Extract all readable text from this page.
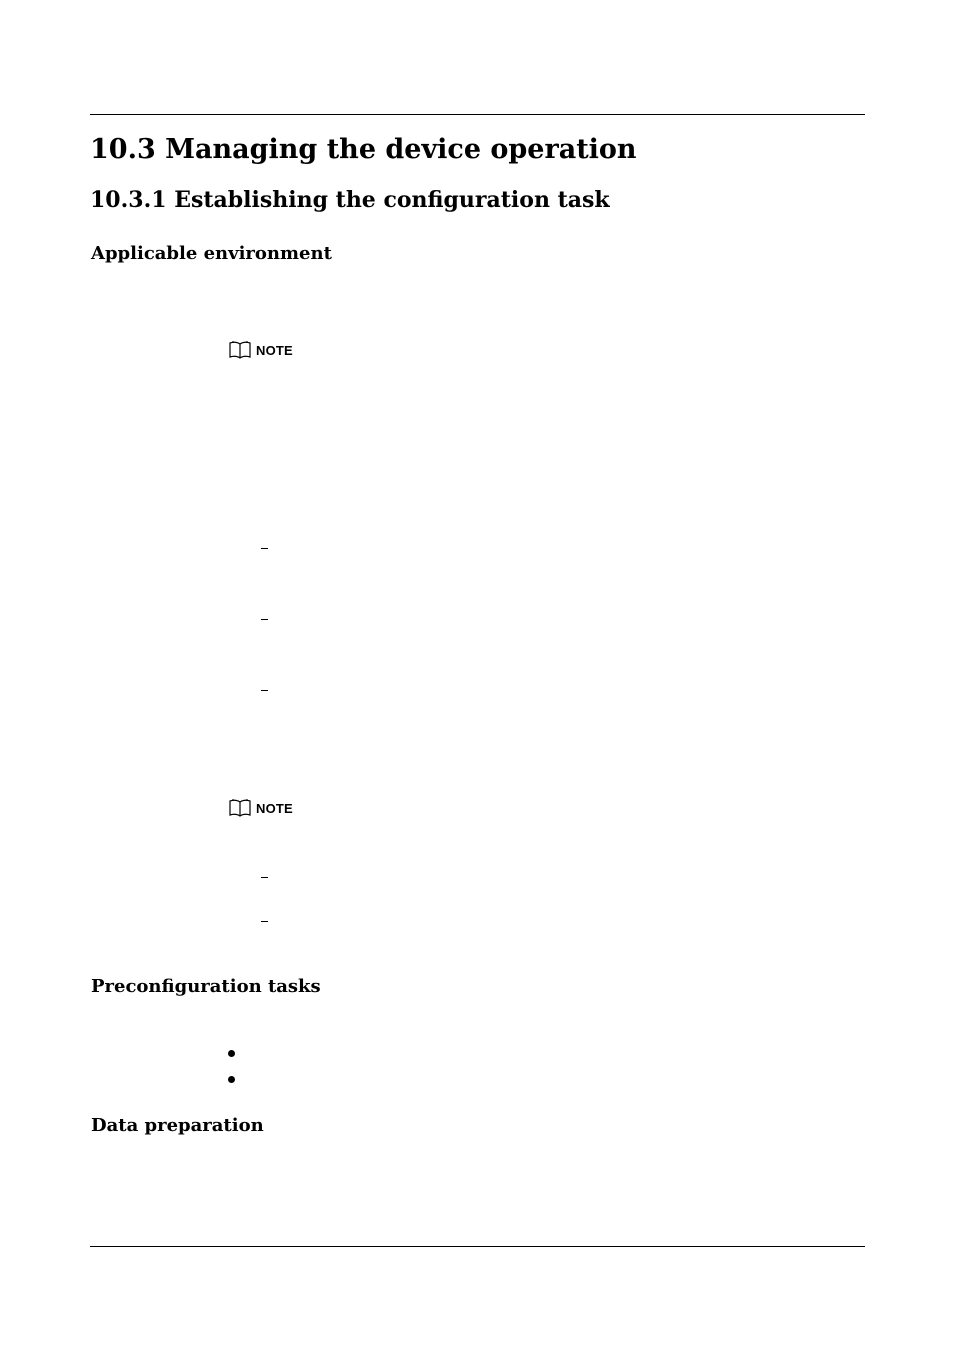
10.3 Managing the device operation
10.3.1 Establishing the configuration task
Applicable environment
NOTE
NOTE
Preconfiguration tasks
Data preparation
